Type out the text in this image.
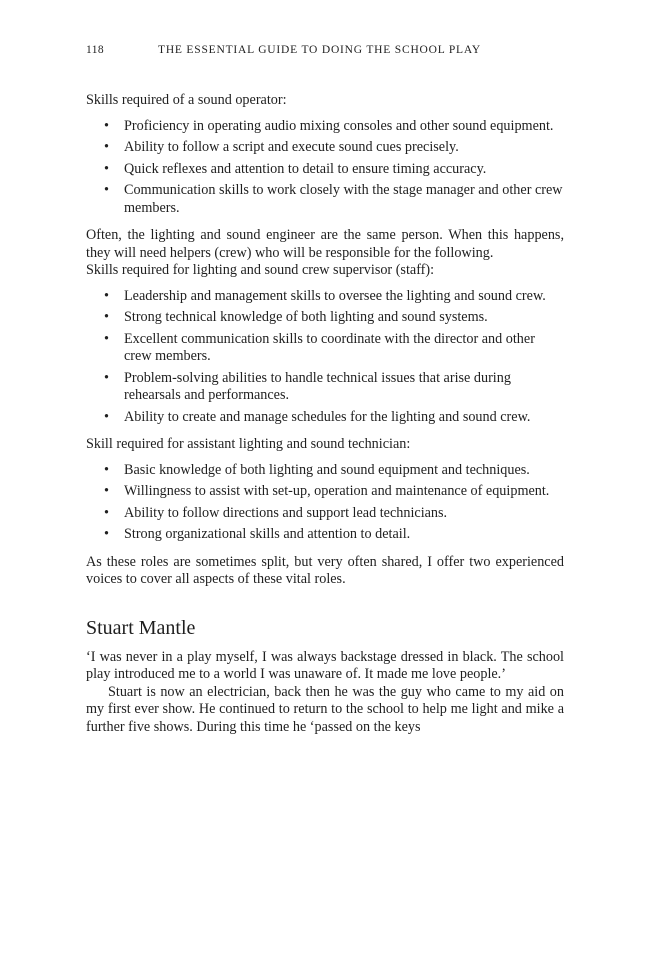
118	THE ESSENTIAL GUIDE TO DOING THE SCHOOL PLAY

Skills required of a sound operator:

• Proficiency in operating audio mixing consoles and other sound equipment.
• Ability to follow a script and execute sound cues precisely.
• Quick reflexes and attention to detail to ensure timing accuracy.
• Communication skills to work closely with the stage manager and other crew members.

Often, the lighting and sound engineer are the same person. When this happens, they will need helpers (crew) who will be responsible for the following.

Skills required for lighting and sound crew supervisor (staff):

• Leadership and management skills to oversee the lighting and sound crew.
• Strong technical knowledge of both lighting and sound systems.
• Excellent communication skills to coordinate with the director and other crew members.
• Problem-solving abilities to handle technical issues that arise during rehearsals and performances.
• Ability to create and manage schedules for the lighting and sound crew.

Skill required for assistant lighting and sound technician:

• Basic knowledge of both lighting and sound equipment and techniques.
• Willingness to assist with set-up, operation and maintenance of equipment.
• Ability to follow directions and support lead technicians.
• Strong organizational skills and attention to detail.

As these roles are sometimes split, but very often shared, I offer two experienced voices to cover all aspects of these vital roles.

Stuart Mantle

‘I was never in a play myself, I was always backstage dressed in black. The school play introduced me to a world I was unaware of. It made me love people.’

Stuart is now an electrician, back then he was the guy who came to my aid on my first ever show. He continued to return to the school to help me light and mike a further five shows. During this time he ‘passed on the keys
